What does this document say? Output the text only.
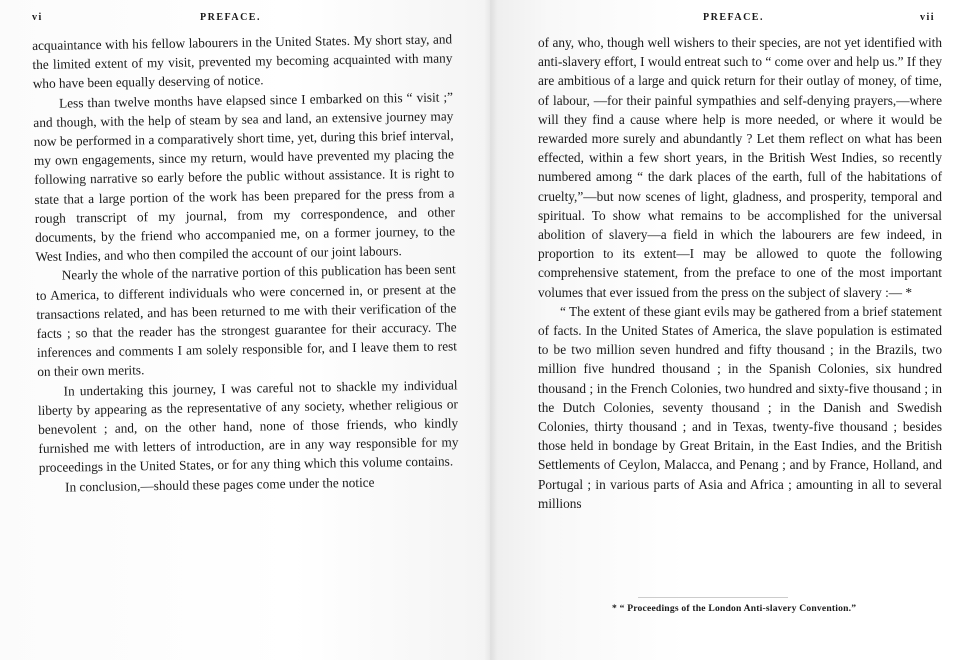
vi	PREFACE.

acquaintance with his fellow labourers in the United States. My short stay, and the limited extent of my visit, prevented my becoming acquainted with many who have been equally deserving of notice.

Less than twelve months have elapsed since I embarked on this “ visit ;” and though, with the help of steam by sea and land, an extensive journey may now be performed in a comparatively short time, yet, during this brief interval, my own engagements, since my return, would have prevented my placing the following narrative so early before the public without assistance. It is right to state that a large portion of the work has been prepared for the press from a rough transcript of my journal, from my correspondence, and other documents, by the friend who accompanied me, on a former journey, to the West Indies, and who then compiled the account of our joint labours.

Nearly the whole of the narrative portion of this publication has been sent to America, to different individuals who were concerned in, or present at the transactions related, and has been returned to me with their verification of the facts ; so that the reader has the strongest guarantee for their accuracy. The inferences and comments I am solely responsible for, and I leave them to rest on their own merits.

In undertaking this journey, I was careful not to shackle my individual liberty by appearing as the representative of any society, whether religious or benevolent ; and, on the other hand, none of those friends, who kindly furnished me with letters of introduction, are in any way responsible for my proceedings in the United States, or for any thing which this volume contains.

In conclusion,—should these pages come under the notice

PREFACE.	vii

of any, who, though well wishers to their species, are not yet identified with anti-slavery effort, I would entreat such to “ come over and help us.” If they are ambitious of a large and quick return for their outlay of money, of time, of labour, —for their painful sympathies and self-denying prayers,—where will they find a cause where help is more needed, or where it would be rewarded more surely and abundantly ? Let them reflect on what has been effected, within a few short years, in the British West Indies, so recently numbered among “ the dark places of the earth, full of the habitations of cruelty,”—but now scenes of light, gladness, and prosperity, temporal and spiritual. To show what remains to be accomplished for the universal abolition of slavery—a field in which the labourers are few indeed, in proportion to its extent—I may be allowed to quote the following comprehensive statement, from the preface to one of the most important volumes that ever issued from the press on the subject of slavery :— *

“ The extent of these giant evils may be gathered from a brief statement of facts. In the United States of America, the slave population is estimated to be two million seven hundred and fifty thousand ; in the Brazils, two million five hundred thousand ; in the Spanish Colonies, six hundred thousand ; in the French Colonies, two hundred and sixty-five thousand ; in the Dutch Colonies, seventy thousand ; in the Danish and Swedish Colonies, thirty thousand ; and in Texas, twenty-five thousand ; besides those held in bondage by Great Britain, in the East Indies, and the British Settlements of Ceylon, Malacca, and Penang ; and by France, Holland, and Portugal ; in various parts of Asia and Africa ; amounting in all to several millions

* “ Proceedings of the London Anti-slavery Convention.”
